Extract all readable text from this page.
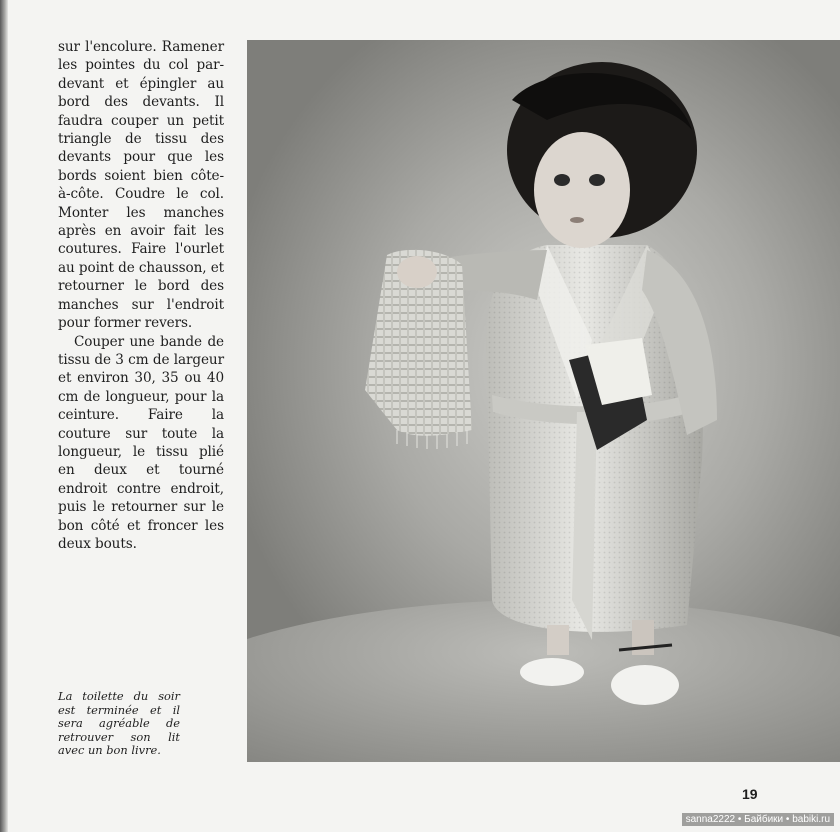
sur l'encolure. Ramener les pointes du col par-devant et épingler au bord des devants. Il faudra couper un petit triangle de tissu des devants pour que les bords soient bien côte-à-côte. Coudre le col. Monter les manches après en avoir fait les coutures. Faire l'ourlet au point de chausson, et retourner le bord des manches sur l'endroit pour former revers.

Couper une bande de tissu de 3 cm de largeur et environ 30, 35 ou 40 cm de longueur, pour la ceinture. Faire la couture sur toute la longueur, le tissu plié en deux et tourné endroit contre endroit, puis le retourner sur le bon côté et froncer les deux bouts.

La toilette du soir est terminée et il sera agréable de retrouver son lit avec un bon livre.
19
sanna2222 • Байбики • babiki.ru
